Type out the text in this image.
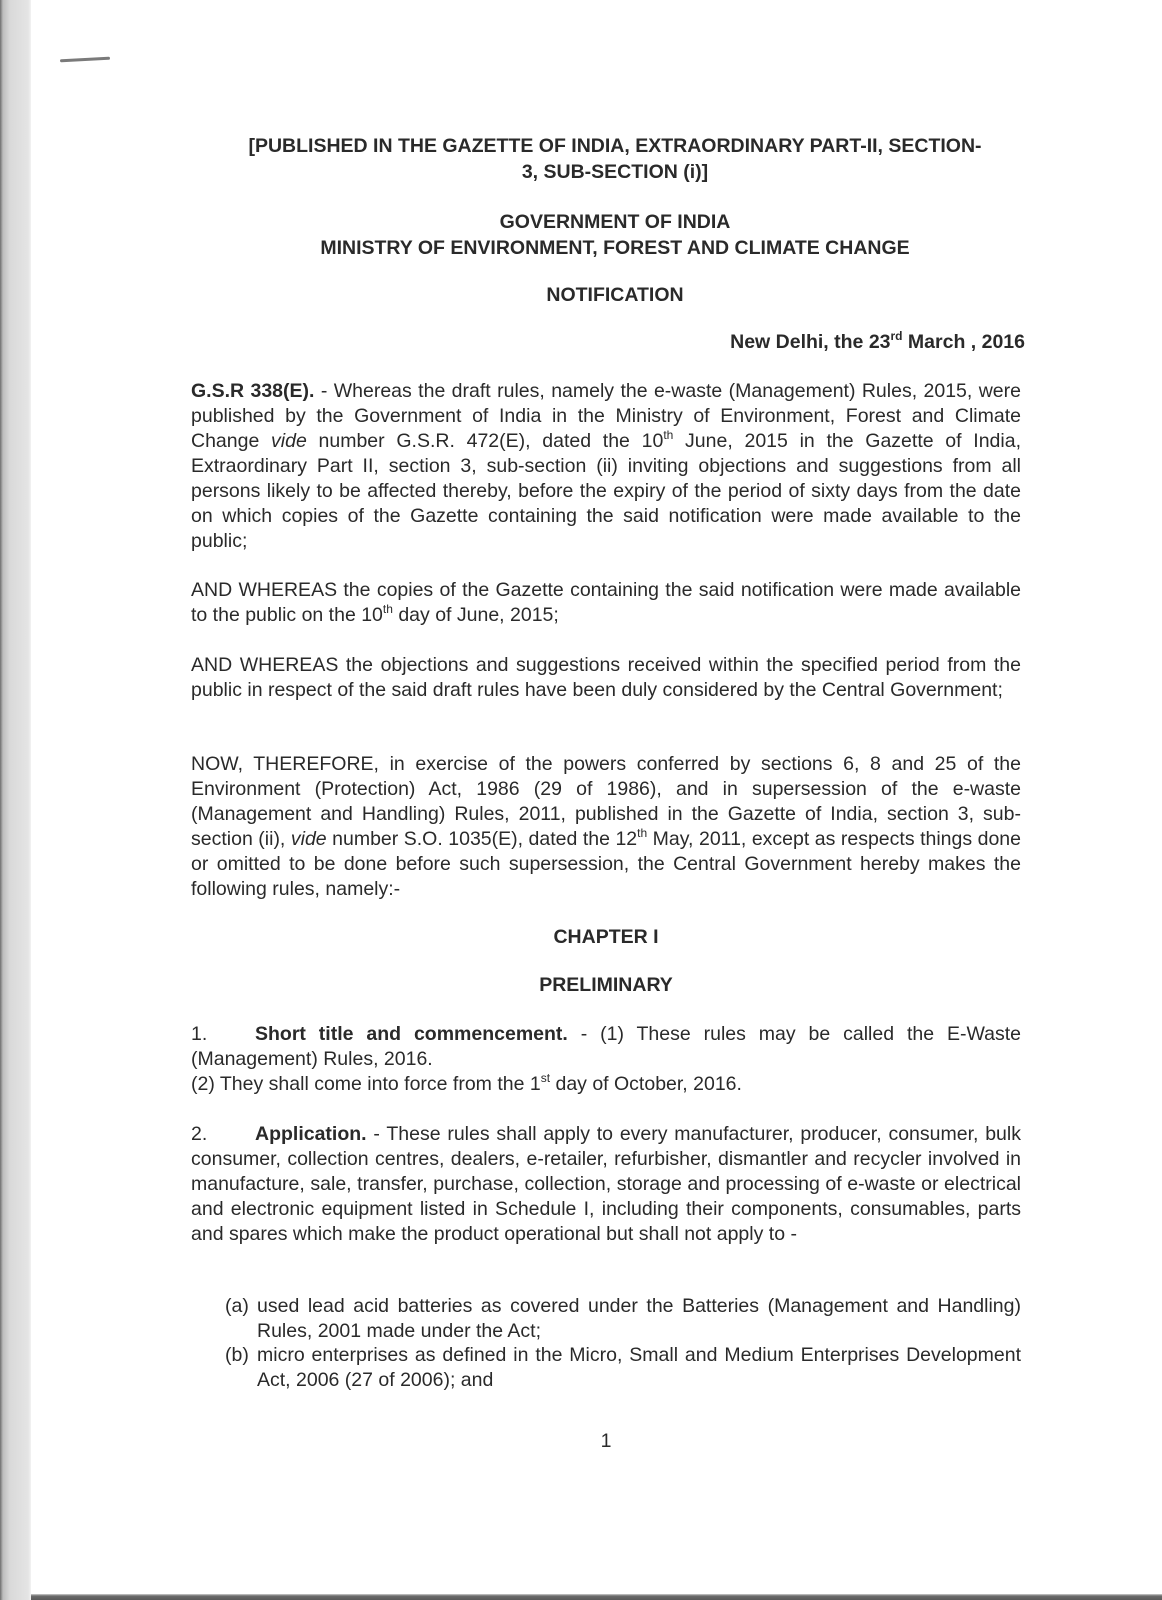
[PUBLISHED IN THE GAZETTE OF INDIA, EXTRAORDINARY PART-II, SECTION-
3, SUB-SECTION (i)]
GOVERNMENT OF INDIA
MINISTRY OF ENVIRONMENT, FOREST AND CLIMATE CHANGE
NOTIFICATION
New Delhi, the 23rd March , 2016
G.S.R 338(E). - Whereas the draft rules, namely the e-waste (Management) Rules, 2015, were published by the Government of India in the Ministry of Environment, Forest and Climate Change vide number G.S.R. 472(E), dated the 10th June, 2015 in the Gazette of India, Extraordinary Part II, section 3, sub-section (ii) inviting objections and suggestions from all persons likely to be affected thereby, before the expiry of the period of sixty days from the date on which copies of the Gazette containing the said notification were made available to the public;
AND WHEREAS the copies of the Gazette containing the said notification were made available to the public on the 10th day of June, 2015;
AND WHEREAS the objections and suggestions received within the specified period from the public in respect of the said draft rules have been duly considered by the Central Government;
NOW, THEREFORE, in exercise of the powers conferred by sections 6, 8 and 25 of the Environment (Protection) Act, 1986 (29 of 1986), and in supersession of the e-waste (Management and Handling) Rules, 2011, published in the Gazette of India, section 3, sub-section (ii), vide number S.O. 1035(E), dated the 12th May, 2011, except as respects things done or omitted to be done before such supersession, the Central Government hereby makes the following rules, namely:-
CHAPTER I
PRELIMINARY
1. Short title and commencement. - (1) These rules may be called the E-Waste (Management) Rules, 2016.
(2) They shall come into force from the 1st day of October, 2016.
2. Application. - These rules shall apply to every manufacturer, producer, consumer, bulk consumer, collection centres, dealers, e-retailer, refurbisher, dismantler and recycler involved in manufacture, sale, transfer, purchase, collection, storage and processing of e-waste or electrical and electronic equipment listed in Schedule I, including their components, consumables, parts and spares which make the product operational but shall not apply to -
(a) used lead acid batteries as covered under the Batteries (Management and Handling) Rules, 2001 made under the Act;
(b) micro enterprises as defined in the Micro, Small and Medium Enterprises Development Act, 2006 (27 of 2006); and
1
